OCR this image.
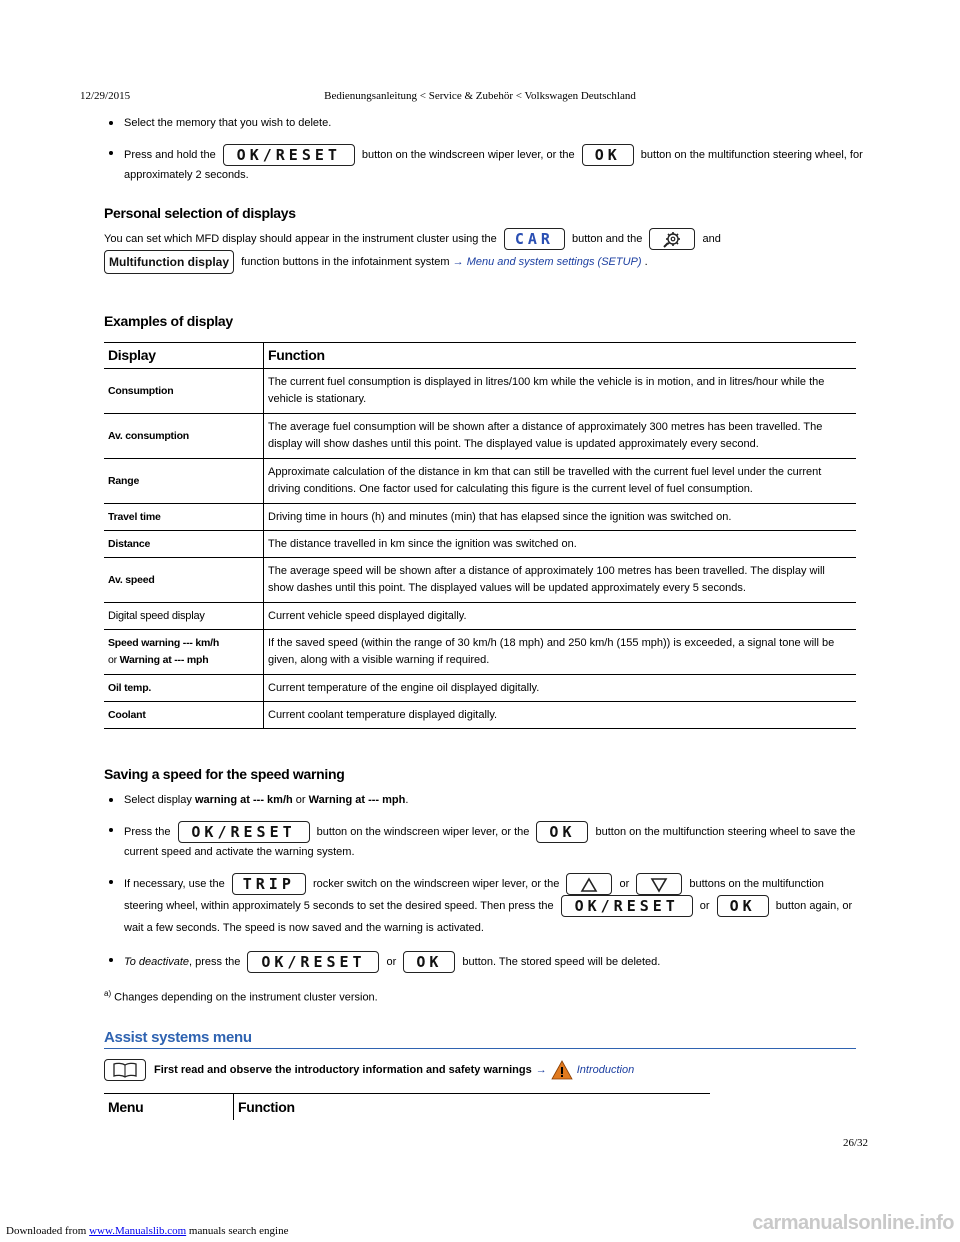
12/29/2015	Bedienungsanleitung < Service & Zubehör < Volkswagen Deutschland
Select the memory that you wish to delete.
Press and hold the OK/RESET button on the windscreen wiper lever, or the OK button on the multifunction steering wheel, for approximately 2 seconds.
Personal selection of displays
You can set which MFD display should appear in the instrument cluster using the CAR button and the	and
Multifunction display function buttons in the infotainment system → Menu and system settings (SETUP) .
Examples of display
Display	Function
Consumption	The current fuel consumption is displayed in litres/100 km while the vehicle is in motion, and in litres/hour while the vehicle is stationary.
Av. consumption	The average fuel consumption will be shown after a distance of approximately 300 metres has been travelled. The display will show dashes until this point. The displayed value is updated approximately every second.
Range	Approximate calculation of the distance in km that can still be travelled with the current fuel level under the current driving conditions. One factor used for calculating this figure is the current level of fuel consumption.
Travel time	Driving time in hours (h) and minutes (min) that has elapsed since the ignition was switched on.
Distance	The distance travelled in km since the ignition was switched on.
Av. speed	The average speed will be shown after a distance of approximately 100 metres has been travelled. The display will show dashes until this point. The displayed values will be updated approximately every 5 seconds.
Digital speed display	Current vehicle speed displayed digitally.
Speed warning --- km/h
or Warning at --- mph	If the saved speed (within the range of 30 km/h (18 mph) and 250 km/h (155 mph)) is exceeded, a signal tone will be given, along with a visible warning if required.
Oil temp.	Current temperature of the engine oil displayed digitally.
Coolant	Current coolant temperature displayed digitally.
Saving a speed for the speed warning
Select display warning at --- km/h or Warning at --- mph.
Press the OK/RESET button on the windscreen wiper lever, or the OK button on the multifunction steering wheel to save the current speed and activate the warning system.
If necessary, use the TRIP rocker switch on the windscreen wiper lever, or the	or	buttons on the multifunction steering wheel, within approximately 5 seconds to set the desired speed. Then press the OK/RESET or OK button again, or wait a few seconds. The speed is now saved and the warning is activated.
To deactivate, press the OK/RESET or OK button. The stored speed will be deleted.
$^{a)}$ Changes depending on the instrument cluster version.
Assist systems menu
First read and observe the introductory information and safety warnings →	Introduction
Menu	Function
26/32
Downloaded from www.Manualslib.com manuals search engine	carmanualsonline.info
